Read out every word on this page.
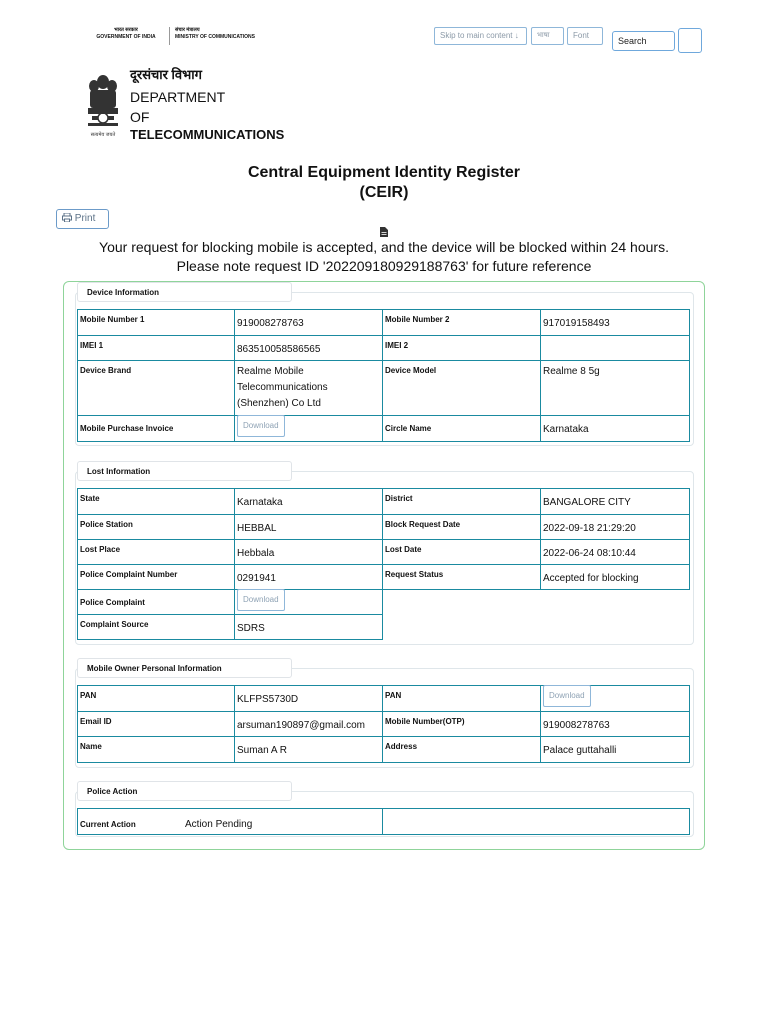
भारत सरकार
GOVERNMENT OF INDIA
संचार मंत्रालय
MINISTRY OF COMMUNICATIONS	Skip to main content ↓	भाषा	Font
Search
सत्यमेव जयते
दूरसंचार विभाग
DEPARTMENT
OF
TELECOMMUNICATIONS
Central Equipment Identity Register
(CEIR)
Print
Your request for blocking mobile is accepted, and the device will be blocked within 24 hours.
Please note request ID '202209180929188763' for future reference
Device Information
Mobile Number 1	919008278763	Mobile Number 2	917019158493
IMEI 1	863510058586565	IMEI 2	
Device Brand	Realme Mobile Telecommunications (Shenzhen) Co Ltd	Device Model	Realme 8 5g
Mobile Purchase Invoice	Download	Circle Name	Karnataka
Lost Information
State	Karnataka	District	BANGALORE CITY
Police Station	HEBBAL	Block Request Date	2022-09-18 21:29:20
Lost Place	Hebbala	Lost Date	2022-06-24 08:10:44
Police Complaint Number	0291941	Request Status	Accepted for blocking
Police Complaint	Download		
Complaint Source	SDRS		
Mobile Owner Personal Information
PAN	KLFPS5730D	PAN	Download
Email ID	arsuman190897@gmail.com	Mobile Number(OTP)	919008278763
Name	Suman A R	Address	Palace guttahalli
Police Action
Current Action	Action Pending	
